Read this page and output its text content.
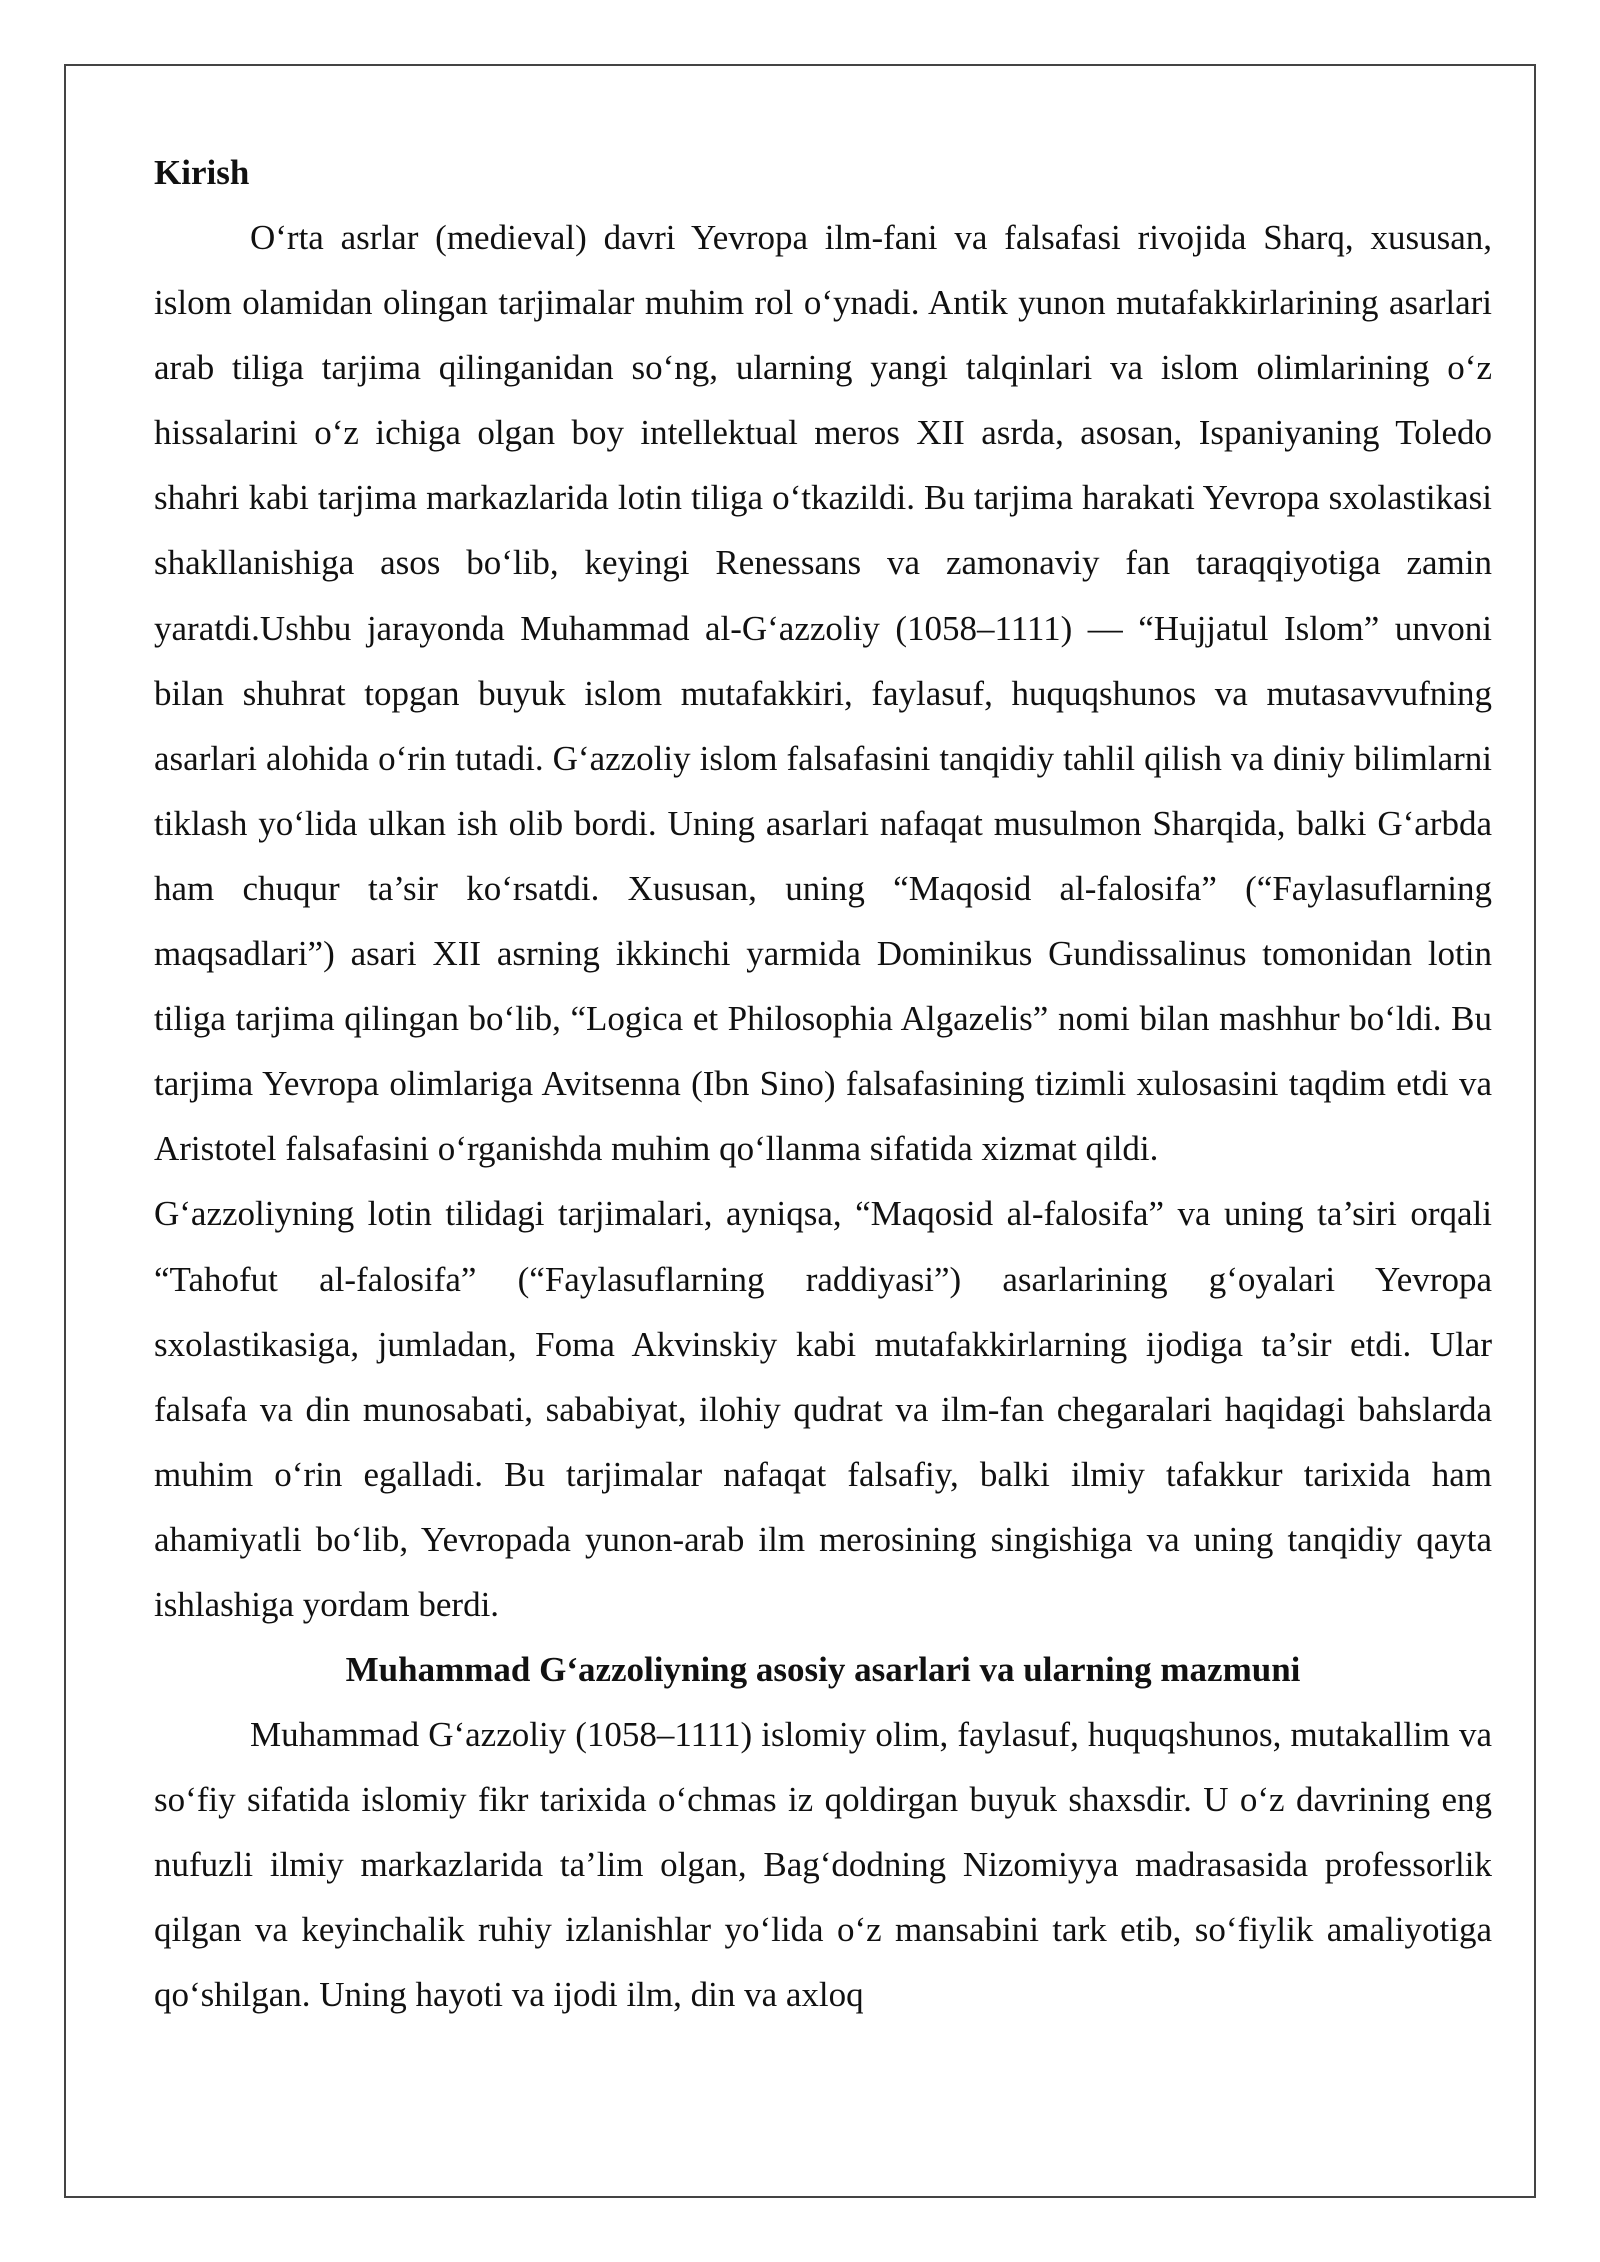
Kirish

O‘rta asrlar (medieval) davri Yevropa ilm-fani va falsafasi rivojida Sharq, xususan, islom olamidan olingan tarjimalar muhim rol o‘ynadi. Antik yunon mutafakkirlarining asarlari arab tiliga tarjima qilinganidan so‘ng, ularning yangi talqinlari va islom olimlarining o‘z hissalarini o‘z ichiga olgan boy intellektual meros XII asrda, asosan, Ispaniyaning Toledo shahri kabi tarjima markazlarida lotin tiliga o‘tkazildi. Bu tarjima harakati Yevropa sxolastikasi shakllanishiga asos bo‘lib, keyingi Renessans va zamonaviy fan taraqqiyotiga zamin yaratdi.Ushbu jarayonda Muhammad al-G‘azzoliy (1058–1111) — “Hujjatul Islom” unvoni bilan shuhrat topgan buyuk islom mutafakkiri, faylasuf, huquqshunos va mutasavvufning asarlari alohida o‘rin tutadi. G‘azzoliy islom falsafasini tanqidiy tahlil qilish va diniy bilimlarni tiklash yo‘lida ulkan ish olib bordi. Uning asarlari nafaqat musulmon Sharqida, balki G‘arbda ham chuqur ta’sir ko‘rsatdi. Xususan, uning “Maqosid al-falosifa” (“Faylasuflarning maqsadlari”) asari XII asrning ikkinchi yarmida Dominikus Gundissalinus tomonidan lotin tiliga tarjima qilingan bo‘lib, “Logica et Philosophia Algazelis” nomi bilan mashhur bo‘ldi. Bu tarjima Yevropa olimlariga Avitsenna (Ibn Sino) falsafasining tizimli xulosasini taqdim etdi va Aristotel falsafasini o‘rganishda muhim qo‘llanma sifatida xizmat qildi.

G‘azzoliyning lotin tilidagi tarjimalari, ayniqsa, “Maqosid al-falosifa” va uning ta’siri orqali “Tahofut al-falosifa” (“Faylasuflarning raddiyasi”) asarlarining g‘oyalari Yevropa sxolastikasiga, jumladan, Foma Akvinskiy kabi mutafakkirlarning ijodiga ta’sir etdi. Ular falsafa va din munosabati, sababiyat, ilohiy qudrat va ilm-fan chegaralari haqidagi bahslarda muhim o‘rin egalladi. Bu tarjimalar nafaqat falsafiy, balki ilmiy tafakkur tarixida ham ahamiyatli bo‘lib, Yevropada yunon-arab ilm merosining singishiga va uning tanqidiy qayta ishlashiga yordam berdi.

Muhammad G‘azzoliyning asosiy asarlari va ularning mazmuni

Muhammad G‘azzoliy (1058–1111) islomiy olim, faylasuf, huquqshunos, mutakallim va so‘fiy sifatida islomiy fikr tarixida o‘chmas iz qoldirgan buyuk shaxsdir. U o‘z davrining eng nufuzli ilmiy markazlarida ta’lim olgan, Bag‘dodning Nizomiyya madrasasida professorlik qilgan va keyinchalik ruhiy izlanishlar yo‘lida o‘z mansabini tark etib, so‘fiylik amaliyotiga qo‘shilgan. Uning hayoti va ijodi ilm, din va axloq
